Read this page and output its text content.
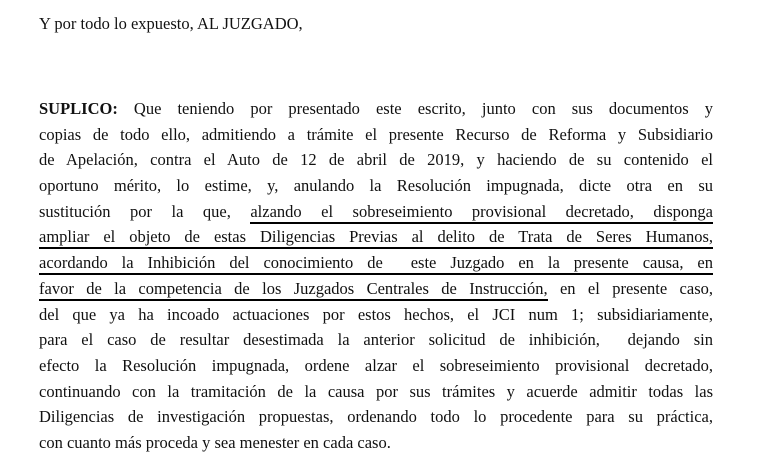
Y por todo lo expuesto, AL JUZGADO,

SUPLICO: Que teniendo por presentado este escrito, junto con sus documentos y
copias de todo ello, admitiendo a trámite el presente Recurso de Reforma y Subsidiario
de Apelación, contra el Auto de 12 de abril de 2019, y haciendo de su contenido el
oportuno mérito, lo estime, y, anulando la Resolución impugnada, dicte otra en su
sustitución por la que, alzando el sobreseimiento provisional decretado, disponga
ampliar el objeto de estas Diligencias Previas al delito de Trata de Seres Humanos,
acordando la Inhibición del conocimiento de  este Juzgado en la presente causa, en
favor de la competencia de los Juzgados Centrales de Instrucción, en el presente caso,
del que ya ha incoado actuaciones por estos hechos, el JCI num 1; subsidiariamente,
para el caso de resultar desestimada la anterior solicitud de inhibición,  dejando sin
efecto la Resolución impugnada, ordene alzar el sobreseimiento provisional decretado,
continuando con la tramitación de la causa por sus trámites y acuerde admitir todas las
Diligencias de investigación propuestas, ordenando todo lo procedente para su práctica,
con cuanto más proceda y sea menester en cada caso.
